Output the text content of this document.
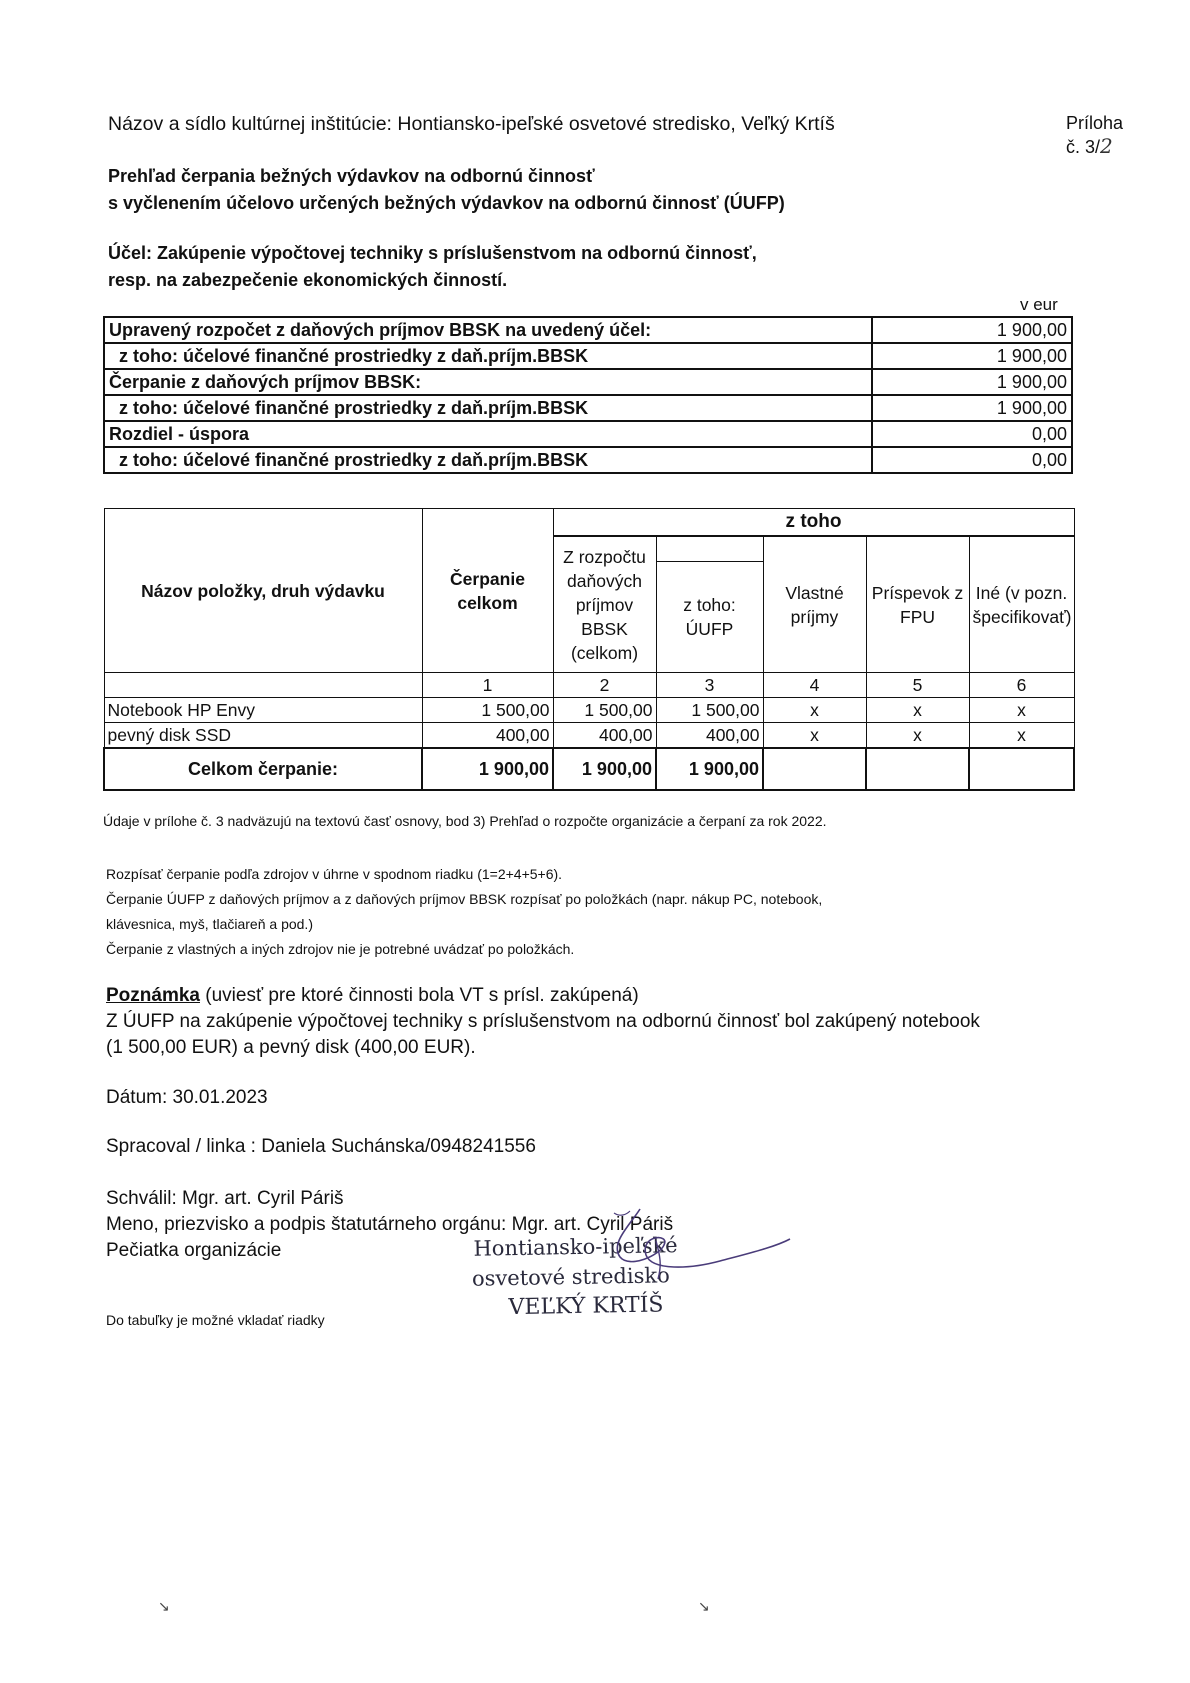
Názov a sídlo kultúrnej inštitúcie: Hontiansko-ipeľské osvetové stredisko, Veľký Krtíš	Príloha č. 3/2
Prehľad čerpania bežných výdavkov na odbornú činnosť
s vyčlenením účelovo určených bežných výdavkov na odbornú činnosť (ÚUFP)
Účel: Zakúpenie výpočtovej techniky s príslušenstvom na odbornú činnosť,
resp. na zabezpečenie ekonomických činností.
v eur
Upravený rozpočet z daňových príjmov BBSK na uvedený účel:	1 900,00
z toho: účelové finančné prostriedky z daň.príjm.BBSK	1 900,00
Čerpanie z daňových príjmov BBSK:	1 900,00
z toho: účelové finančné prostriedky z daň.príjm.BBSK	1 900,00
Rozdiel - úspora	0,00
z toho: účelové finančné prostriedky z daň.príjm.BBSK	0,00
Názov položky, druh výdavku	Čerpanie celkom	z toho				
		Z rozpočtu daňových príjmov BBSK (celkom)		Vlastné príjmy	Príspevok z FPU	Iné (v pozn. špecifikovať)
			z toho: ÚUFP			
	1	2	3	4	5	6
Notebook HP Envy	1 500,00	1 500,00	1 500,00	x	x	x
pevný disk SSD	400,00	400,00	400,00	x	x	x
Celkom čerpanie:	1 900,00	1 900,00	1 900,00			
Údaje v prílohe č. 3 nadväzujú na textovú časť osnovy, bod 3) Prehľad o rozpočte organizácie a čerpaní za rok 2022.
Rozpísať čerpanie podľa zdrojov v úhrne v spodnom riadku (1=2+4+5+6).
Čerpanie ÚUFP z daňových príjmov a z daňových príjmov BBSK rozpísať po položkách (napr. nákup PC, notebook,
klávesnica, myš, tlačiareň a pod.)
Čerpanie z vlastných a iných zdrojov nie je potrebné uvádzať po položkách.
Poznámka (uviesť pre ktoré činnosti bola VT s prísl. zakúpená)
Z ÚUFP na zakúpenie výpočtovej techniky s príslušenstvom na odbornú činnosť bol zakúpený notebook
(1 500,00 EUR) a pevný disk (400,00 EUR).
Dátum: 30.01.2023
Spracoval / linka : Daniela Suchánska/0948241556
Schválil: Mgr. art. Cyril Páriš
Meno, priezvisko a podpis štatutárneho orgánu: Mgr. art. Cyril Páriš
Pečiatka organizácie	Hontiansko-ipeľské
osvetové stredisko
VEĽKÝ KRTÍŠ
Do tabuľky je možné vkladať riadky
↘	↘
